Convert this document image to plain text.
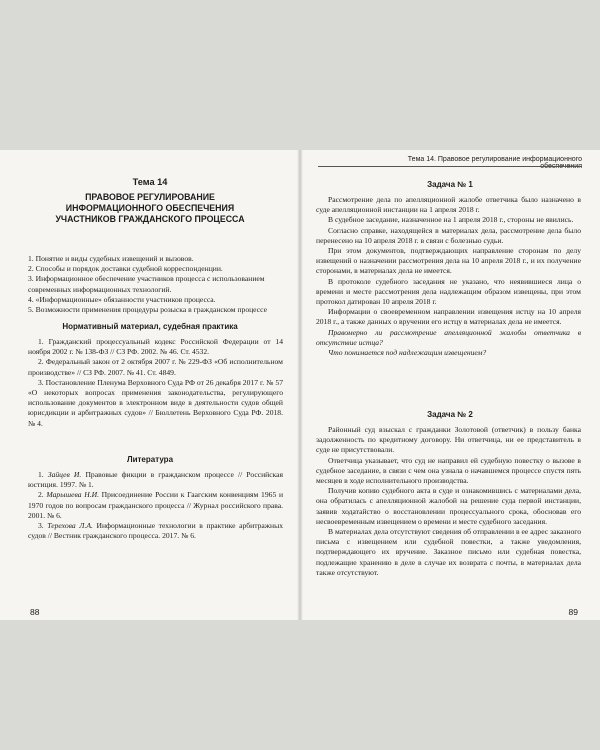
Тема 14
ПРАВОВОЕ РЕГУЛИРОВАНИЕ
ИНФОРМАЦИОННОГО ОБЕСПЕЧЕНИЯ
УЧАСТНИКОВ ГРАЖДАНСКОГО ПРОЦЕССА

1. Понятие и виды судебных извещений и вызовов.

2. Способы и порядок доставки судебной корреспонденции.

3. Информационное обеспечение участников процесса с использованием современных информационных технологий.

4. «Информационные» обязанности участников процесса.

5. Возможности применения процедуры розыска в гражданском процессе

Нормативный материал, судебная практика

1. Гражданский процессуальный кодекс Российской Федерации от 14 ноября 2002 г. № 138-ФЗ // СЗ РФ. 2002. № 46. Ст. 4532.

2. Федеральный закон от 2 октября 2007 г. № 229-ФЗ «Об исполнительном производстве» // СЗ РФ. 2007. № 41. Ст. 4849.

3. Постановление Пленума Верховного Суда РФ от 26 декабря 2017 г. № 57 «О некоторых вопросах применения законодательства, регулирующего использование документов в электронном виде в деятельности судов общей юрисдикции и арбитражных судов» // Бюллетень Верховного Суда РФ. 2018. № 4.

Литература

1. Зайцев И. Правовые фикции в гражданском процессе // Российская юстиция. 1997. № 1.

2. Марышева Н.И. Присоединение России к Гаагским конвенциям 1965 и 1970 годов по вопросам гражданского процесса // Журнал российского права. 2001. № 6.

3. Терехова Л.А. Информационные технологии в практике арбитражных судов // Вестник гражданского процесса. 2017. № 6.

88
Тема 14. Правовое регулирование информационного обеспечения
Задача № 1

Рассмотрение дела по апелляционной жалобе ответчика было назначено в суде апелляционной инстанции на 1 апреля 2018 г.

В судебное заседание, назначенное на 1 апреля 2018 г., стороны не явились.

Согласно справке, находящейся в материалах дела, рассмотрение дела было перенесено на 10 апреля 2018 г. в связи с болезнью судьи.

При этом документов, подтверждающих направление сторонам по делу извещений о назначении рассмотрения дела на 10 апреля 2018 г., и их получение сторонами, в материалах дела не имеется.

В протоколе судебного заседания не указано, что неявившиеся лица о времени и месте рассмотрения дела надлежащим образом извещены, при этом протокол датирован 10 апреля 2018 г.

Информации о своевременном направлении извещения истцу на 10 апреля 2018 г., а также данных о вручении его истцу в материалах дела не имеется.

Правомерно ли рассмотрение апелляционной жалобы ответчика в отсутствие истца?

Что понимается под надлежащим извещением?

Задача № 2

Районный суд взыскал с гражданки Золотовой (ответчик) в пользу банка задолженность по кредитному договору. Ни ответчица, ни ее представитель в суде не присутствовали.

Ответчица указывает, что суд не направил ей судебную повестку о вызове в судебное заседание, в связи с чем она узнала о начавшемся процессе спустя пять месяцев в ходе исполнительного производства.

Получив копию судебного акта в суде и ознакомившись с материалами дела, она обратилась с апелляционной жалобой на решение суда первой инстанции, заявив ходатайство о восстановлении процессуального срока, обосновав его несвоевременным извещением о времени и месте судебного заседания.

В материалах дела отсутствуют сведения об отправлении в ее адрес заказного письма с извещением или судебной повестки, а также уведомления, подтверждающего их вручение. Заказное письмо или судебная повестка, подлежащие хранению в деле в случае их возврата с почты, в материалах дела также отсутствуют.

89
